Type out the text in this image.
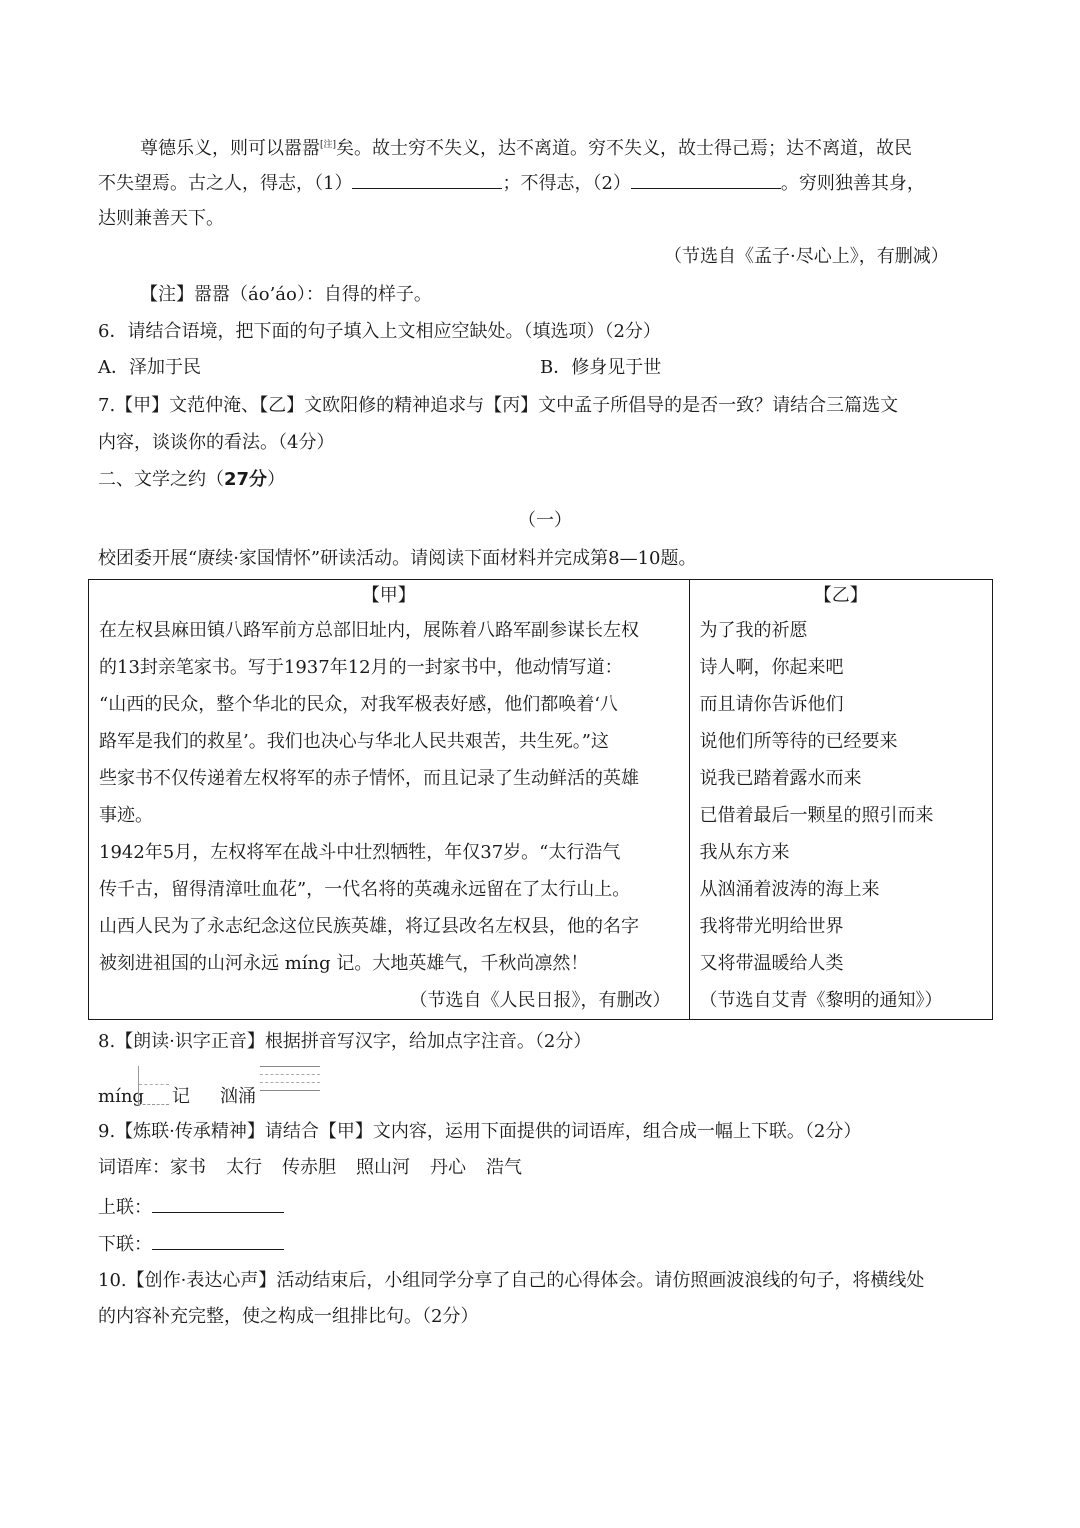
尊德乐义，则可以嚣嚣[注]矣。故士穷不失义，达不离道。穷不失义，故士得己焉；达不离道，故民
不失望焉。古之人，得志，（1）	；不得志，（2）	。穷则独善其身，
达则兼善天下。
（节选自《孟子·尽心上》，有删减）
【注】嚣嚣（áo’áo）：自得的样子。
6．请结合语境，把下面的句子填入上文相应空缺处。（填选项）（2分）
A．泽加于民	B．修身见于世
7.【甲】文范仲淹、【乙】文欧阳修的精神追求与【丙】文中孟子所倡导的是否一致？请结合三篇选文
内容，谈谈你的看法。（4分）
二、文学之约（27分）
（一）
校团委开展“赓续·家国情怀”研读活动。请阅读下面材料并完成第8—10题。
【甲】
在左权县麻田镇八路军前方总部旧址内，展陈着八路军副参谋长左权
的13封亲笔家书。写于1937年12月的一封家书中，他动情写道：
“山西的民众，整个华北的民众，对我军极表好感，他们都唤着‘八
路军是我们的救星’。我们也决心与华北人民共艰苦，共生死。”这
些家书不仅传递着左权将军的赤子情怀，而且记录了生动鲜活的英雄
事迹。
1942年5月，左权将军在战斗中壮烈牺牲，年仅37岁。“太行浩气
传千古，留得清漳吐血花”，一代名将的英魂永远留在了太行山上。
山西人民为了永志纪念这位民族英雄，将辽县改名左权县，他的名字
被刻进祖国的山河永远 míng 记。大地英雄气，千秋尚凛然！
（节选自《人民日报》，有删改）

【乙】
为了我的祈愿
诗人啊，你起来吧
而且请你告诉他们
说他们所等待的已经要来
说我已踏着露水而来
已借着最后一颗星的照引而来
我从东方来
从汹涌着波涛的海上来
我将带光明给世界
又将带温暖给人类
（节选自艾青《黎明的通知》）
8.【朗读·识字正音】根据拼音写汉字，给加点字注音。（2分）
míng 记 汹涌
9.【炼联·传承精神】请结合【甲】文内容，运用下面提供的词语库，组合成一幅上下联。（2分）
词语库：家书 太行 传赤胆 照山河 丹心 浩气
上联：
下联：
10.【创作·表达心声】活动结束后，小组同学分享了自己的心得体会。请仿照画波浪线的句子，将横线处
的内容补充完整，使之构成一组排比句。（2分）
